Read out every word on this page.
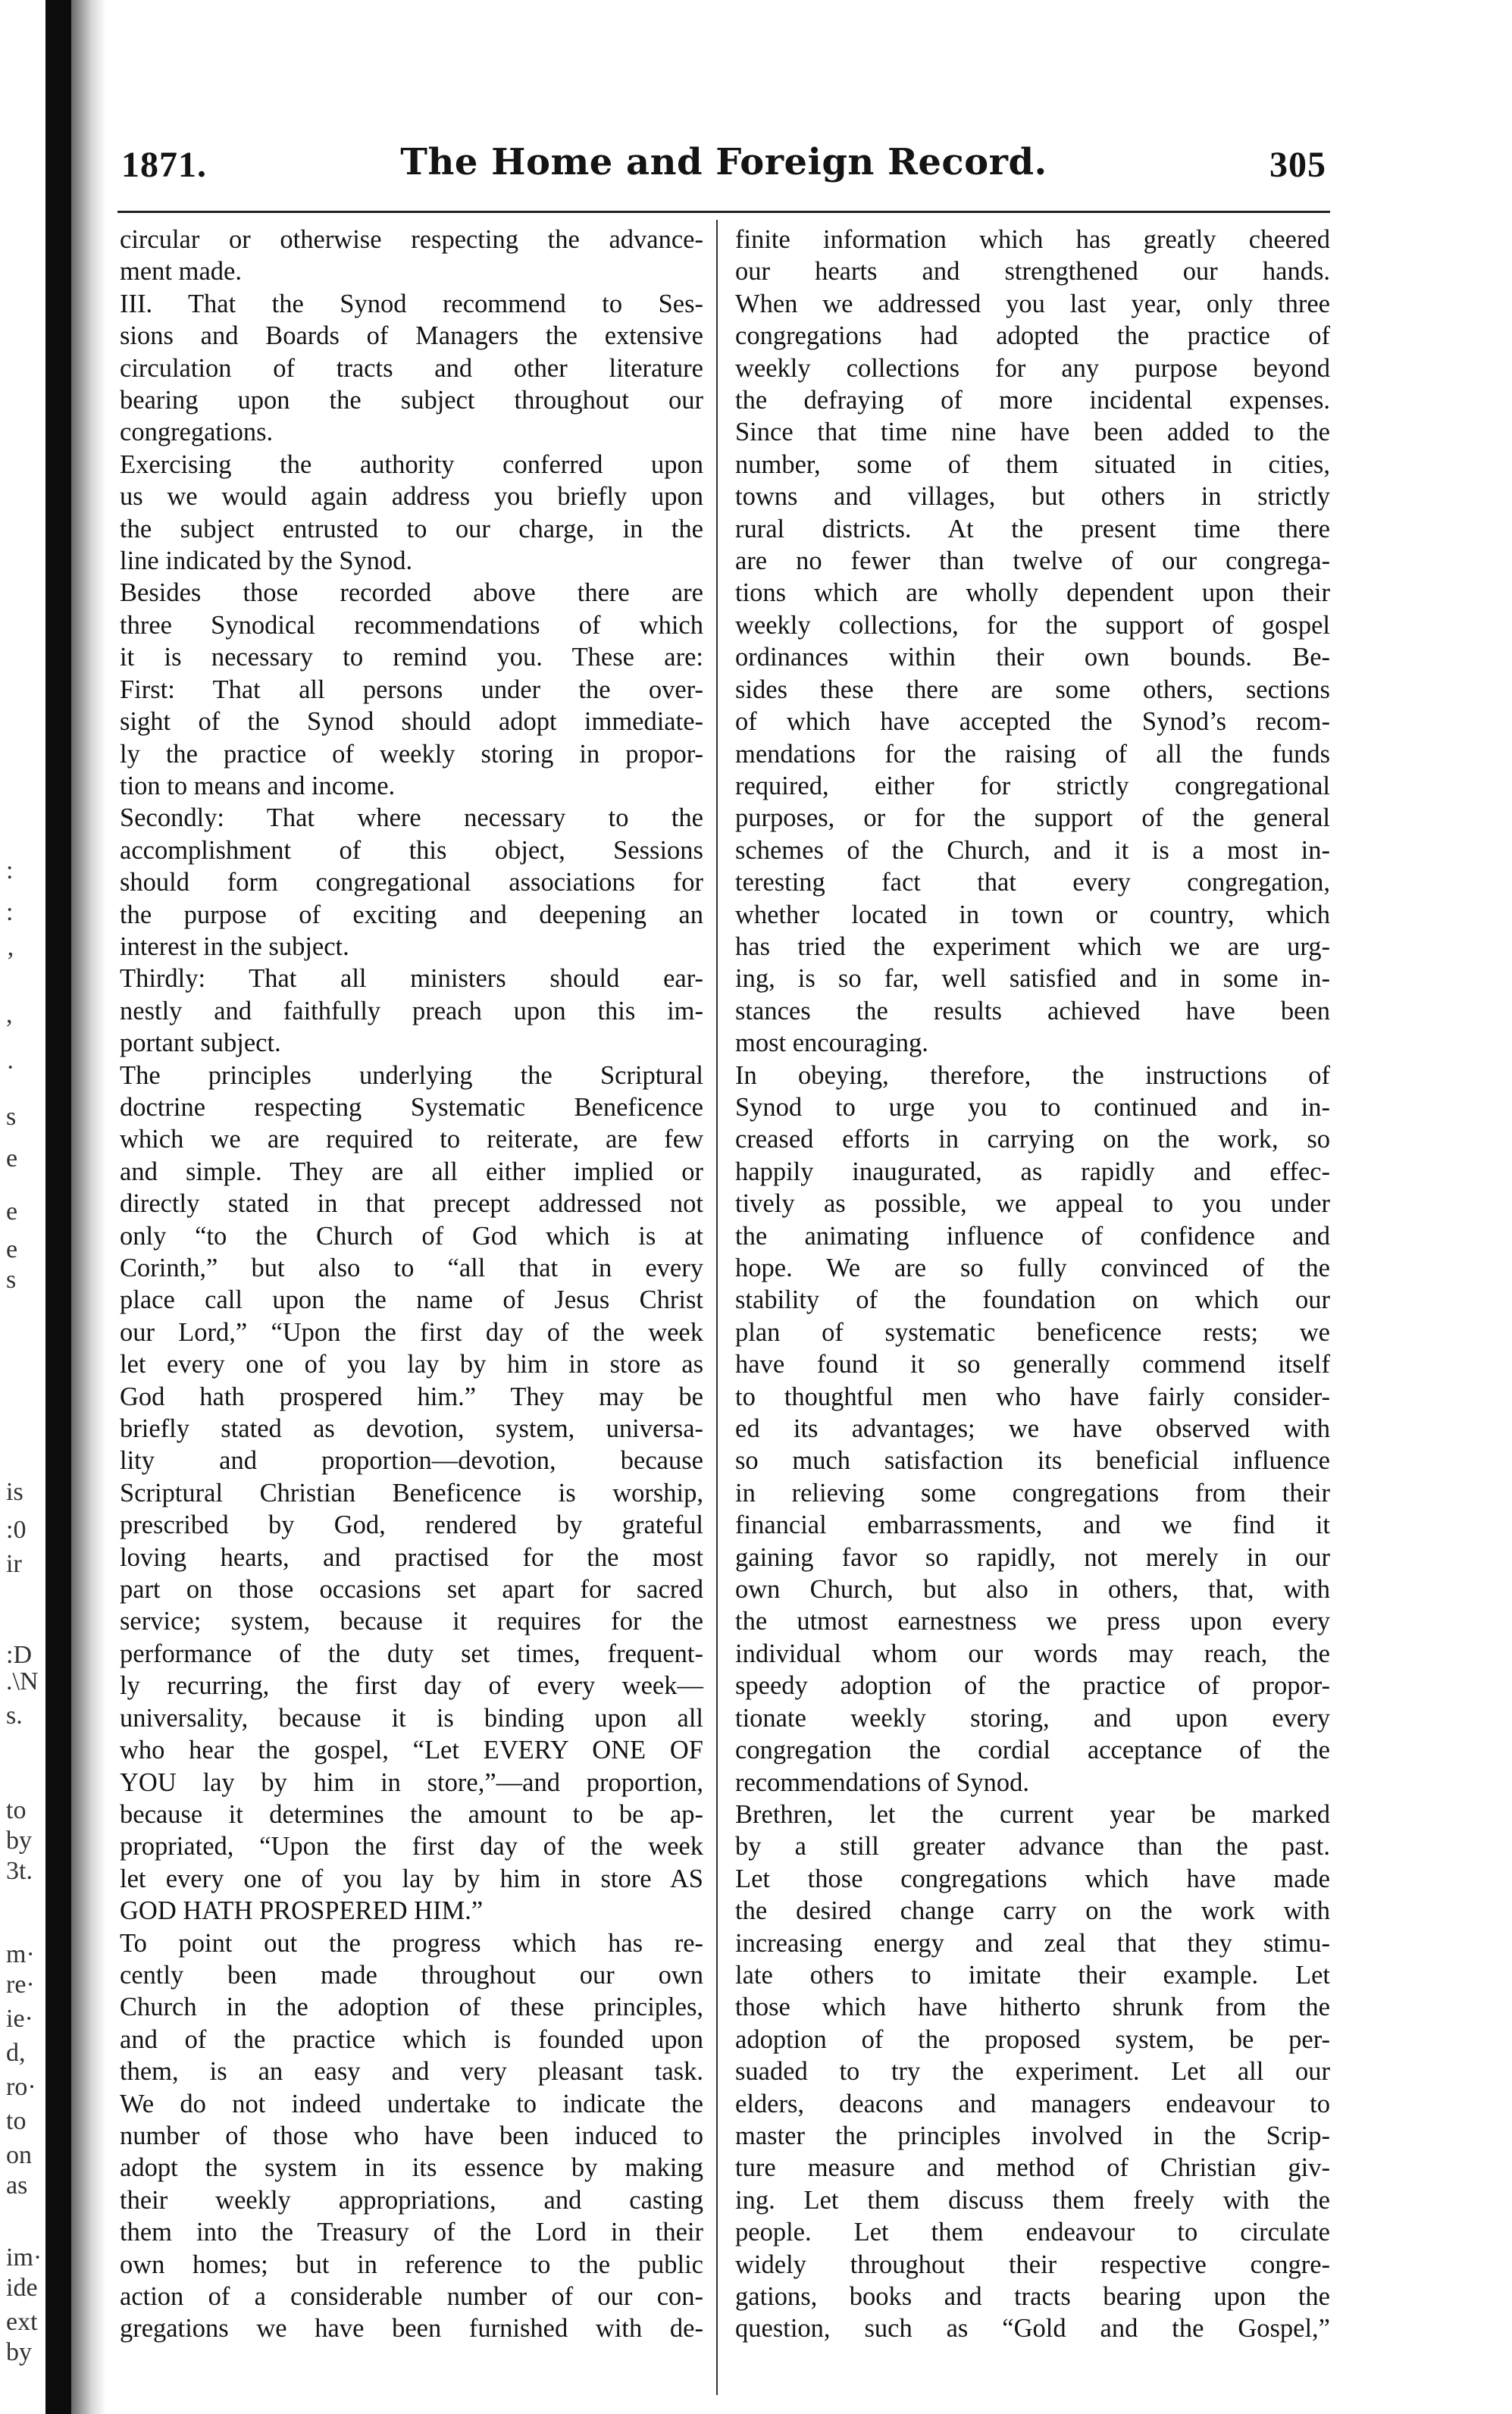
:
:
’
,
·
s
e
e
e
s
is
:0
ir
:D
.\N
s.
to
by
3t.
m·
re·
ie·
d,
ro·
to
on
as
im·
ide
ext
by
1871.	The Home and Foreign Record.	305
circular or otherwise respecting the advance-
ment made.
III. That the Synod recommend to Ses-
sions and Boards of Managers the extensive
circulation of tracts and other literature
bearing upon the subject throughout our
congregations.
Exercising the authority conferred upon
us we would again address you briefly upon
the subject entrusted to our charge, in the
line indicated by the Synod.
Besides those recorded above there are
three Synodical recommendations of which
it is necessary to remind you. These are:
First: That all persons under the over-
sight of the Synod should adopt immediate-
ly the practice of weekly storing in propor-
tion to means and income.
Secondly: That where necessary to the
accomplishment of this object, Sessions
should form congregational associations for
the purpose of exciting and deepening an
interest in the subject.
Thirdly: That all ministers should ear-
nestly and faithfully preach upon this im-
portant subject.
The principles underlying the Scriptural
doctrine respecting Systematic Beneficence
which we are required to reiterate, are few
and simple. They are all either implied or
directly stated in that precept addressed not
only “to the Church of God which is at
Corinth,” but also to “all that in every
place call upon the name of Jesus Christ
our Lord,” “Upon the first day of the week
let every one of you lay by him in store as
God hath prospered him.” They may be
briefly stated as devotion, system, universa-
lity and proportion—devotion, because
Scriptural Christian Beneficence is worship,
prescribed by God, rendered by grateful
loving hearts, and practised for the most
part on those occasions set apart for sacred
service; system, because it requires for the
performance of the duty set times, frequent-
ly recurring, the first day of every week—
universality, because it is binding upon all
who hear the gospel, “Let EVERY ONE OF
YOU lay by him in store,”—and proportion,
because it determines the amount to be ap-
propriated, “Upon the first day of the week
let every one of you lay by him in store AS
GOD HATH PROSPERED HIM.”
To point out the progress which has re-
cently been made throughout our own
Church in the adoption of these principles,
and of the practice which is founded upon
them, is an easy and very pleasant task.
We do not indeed undertake to indicate the
number of those who have been induced to
adopt the system in its essence by making
their weekly appropriations, and casting
them into the Treasury of the Lord in their
own homes; but in reference to the public
action of a considerable number of our con-
gregations we have been furnished with de-
finite information which has greatly cheered
our hearts and strengthened our hands.
When we addressed you last year, only three
congregations had adopted the practice of
weekly collections for any purpose beyond
the defraying of more incidental expenses.
Since that time nine have been added to the
number, some of them situated in cities,
towns and villages, but others in strictly
rural districts. At the present time there
are no fewer than twelve of our congrega-
tions which are wholly dependent upon their
weekly collections, for the support of gospel
ordinances within their own bounds. Be-
sides these there are some others, sections
of which have accepted the Synod’s recom-
mendations for the raising of all the funds
required, either for strictly congregational
purposes, or for the support of the general
schemes of the Church, and it is a most in-
teresting fact that every congregation,
whether located in town or country, which
has tried the experiment which we are urg-
ing, is so far, well satisfied and in some in-
stances the results achieved have been
most encouraging.
In obeying, therefore, the instructions of
Synod to urge you to continued and in-
creased efforts in carrying on the work, so
happily inaugurated, as rapidly and effec-
tively as possible, we appeal to you under
the animating influence of confidence and
hope. We are so fully convinced of the
stability of the foundation on which our
plan of systematic beneficence rests; we
have found it so generally commend itself
to thoughtful men who have fairly consider-
ed its advantages; we have observed with
so much satisfaction its beneficial influence
in relieving some congregations from their
financial embarrassments, and we find it
gaining favor so rapidly, not merely in our
own Church, but also in others, that, with
the utmost earnestness we press upon every
individual whom our words may reach, the
speedy adoption of the practice of propor-
tionate weekly storing, and upon every
congregation the cordial acceptance of the
recommendations of Synod.
Brethren, let the current year be marked
by a still greater advance than the past.
Let those congregations which have made
the desired change carry on the work with
increasing energy and zeal that they stimu-
late others to imitate their example. Let
those which have hitherto shrunk from the
adoption of the proposed system, be per-
suaded to try the experiment. Let all our
elders, deacons and managers endeavour to
master the principles involved in the Scrip-
ture measure and method of Christian giv-
ing. Let them discuss them freely with the
people. Let them endeavour to circulate
widely throughout their respective congre-
gations, books and tracts bearing upon the
question, such as “Gold and the Gospel,”
